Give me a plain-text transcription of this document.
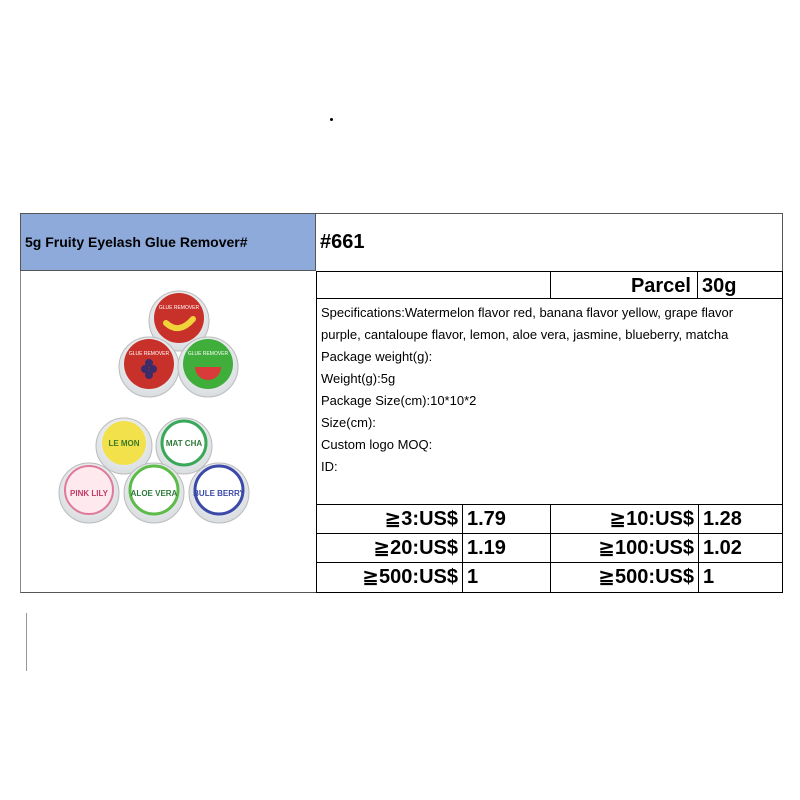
5g Fruity Eyelash Glue Remover#	#661
GLUE REMOVER
GLUE REMOVER	GLUE REMOVER
LE MON	MAT CHA
PINK LILY	ALOE VERA BULE BERRY
Parcel 30g
Specifications:Watermelon flavor red, banana flavor yellow, grape flavor
purple, cantaloupe flavor, lemon, aloe vera, jasmine, blueberry, matcha
Package weight(g):
Weight(g):5g
Package Size(cm):10*10*2
Size(cm):
Custom logo MOQ:
ID:
≧3:US$ 1.79	≧10:US$ 1.28
≧20:US$ 1.19	≧100:US$ 1.02
≧500:US$ 1	≧500:US$ 1
